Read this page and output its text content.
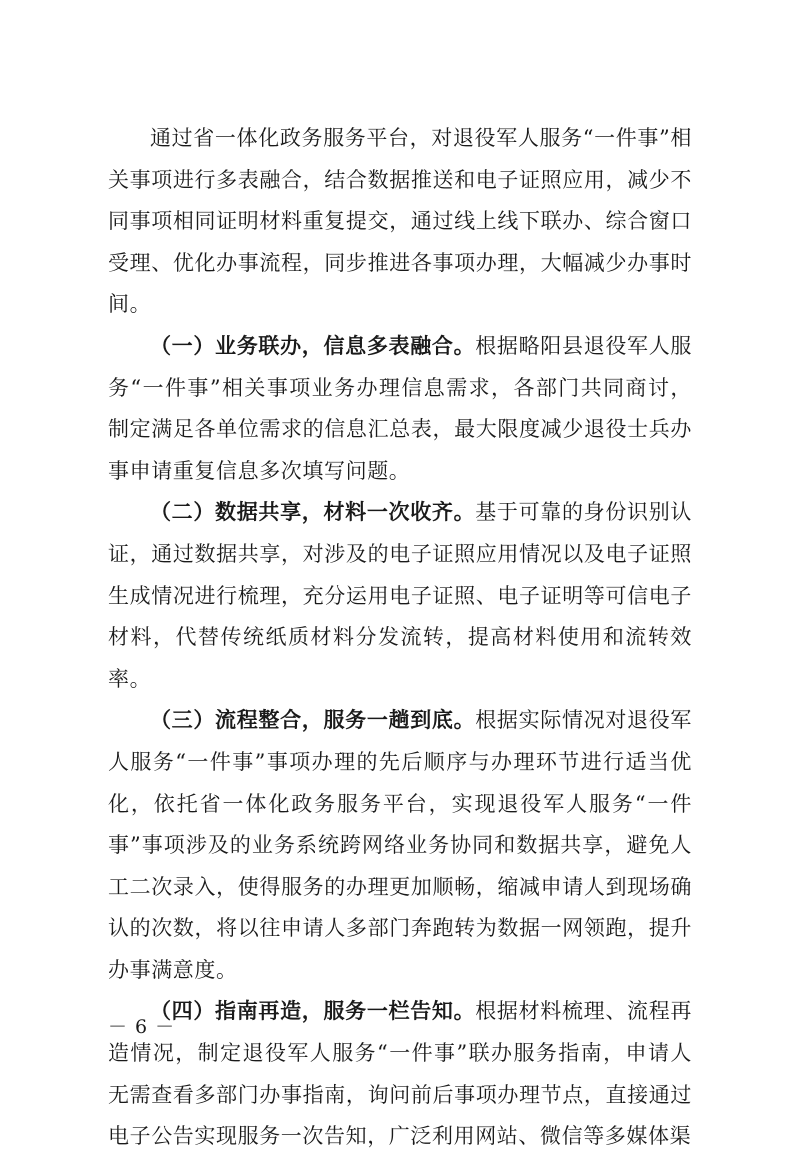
通过省一体化政务服务平台，对退役军人服务“一件事”相关事项进行多表融合，结合数据推送和电子证照应用，减少不同事项相同证明材料重复提交，通过线上线下联办、综合窗口受理、优化办事流程，同步推进各事项办理，大幅减少办事时间。

（一）业务联办，信息多表融合。根据略阳县退役军人服务“一件事”相关事项业务办理信息需求，各部门共同商讨，制定满足各单位需求的信息汇总表，最大限度减少退役士兵办事申请重复信息多次填写问题。

（二）数据共享，材料一次收齐。基于可靠的身份识别认证，通过数据共享，对涉及的电子证照应用情况以及电子证照生成情况进行梳理，充分运用电子证照、电子证明等可信电子材料，代替传统纸质材料分发流转，提高材料使用和流转效率。

（三）流程整合，服务一趟到底。根据实际情况对退役军人服务“一件事”事项办理的先后顺序与办理环节进行适当优化，依托省一体化政务服务平台，实现退役军人服务“一件事”事项涉及的业务系统跨网络业务协同和数据共享，避免人工二次录入，使得服务的办理更加顺畅，缩减申请人到现场确认的次数，将以往申请人多部门奔跑转为数据一网领跑，提升办事满意度。

（四）指南再造，服务一栏告知。根据材料梳理、流程再造情况，制定退役军人服务“一件事”联办服务指南，申请人无需查看多部门办事指南，询问前后事项办理节点，直接通过电子公告实现服务一次告知，广泛利用网站、微信等多媒体渠

－ 6 －
